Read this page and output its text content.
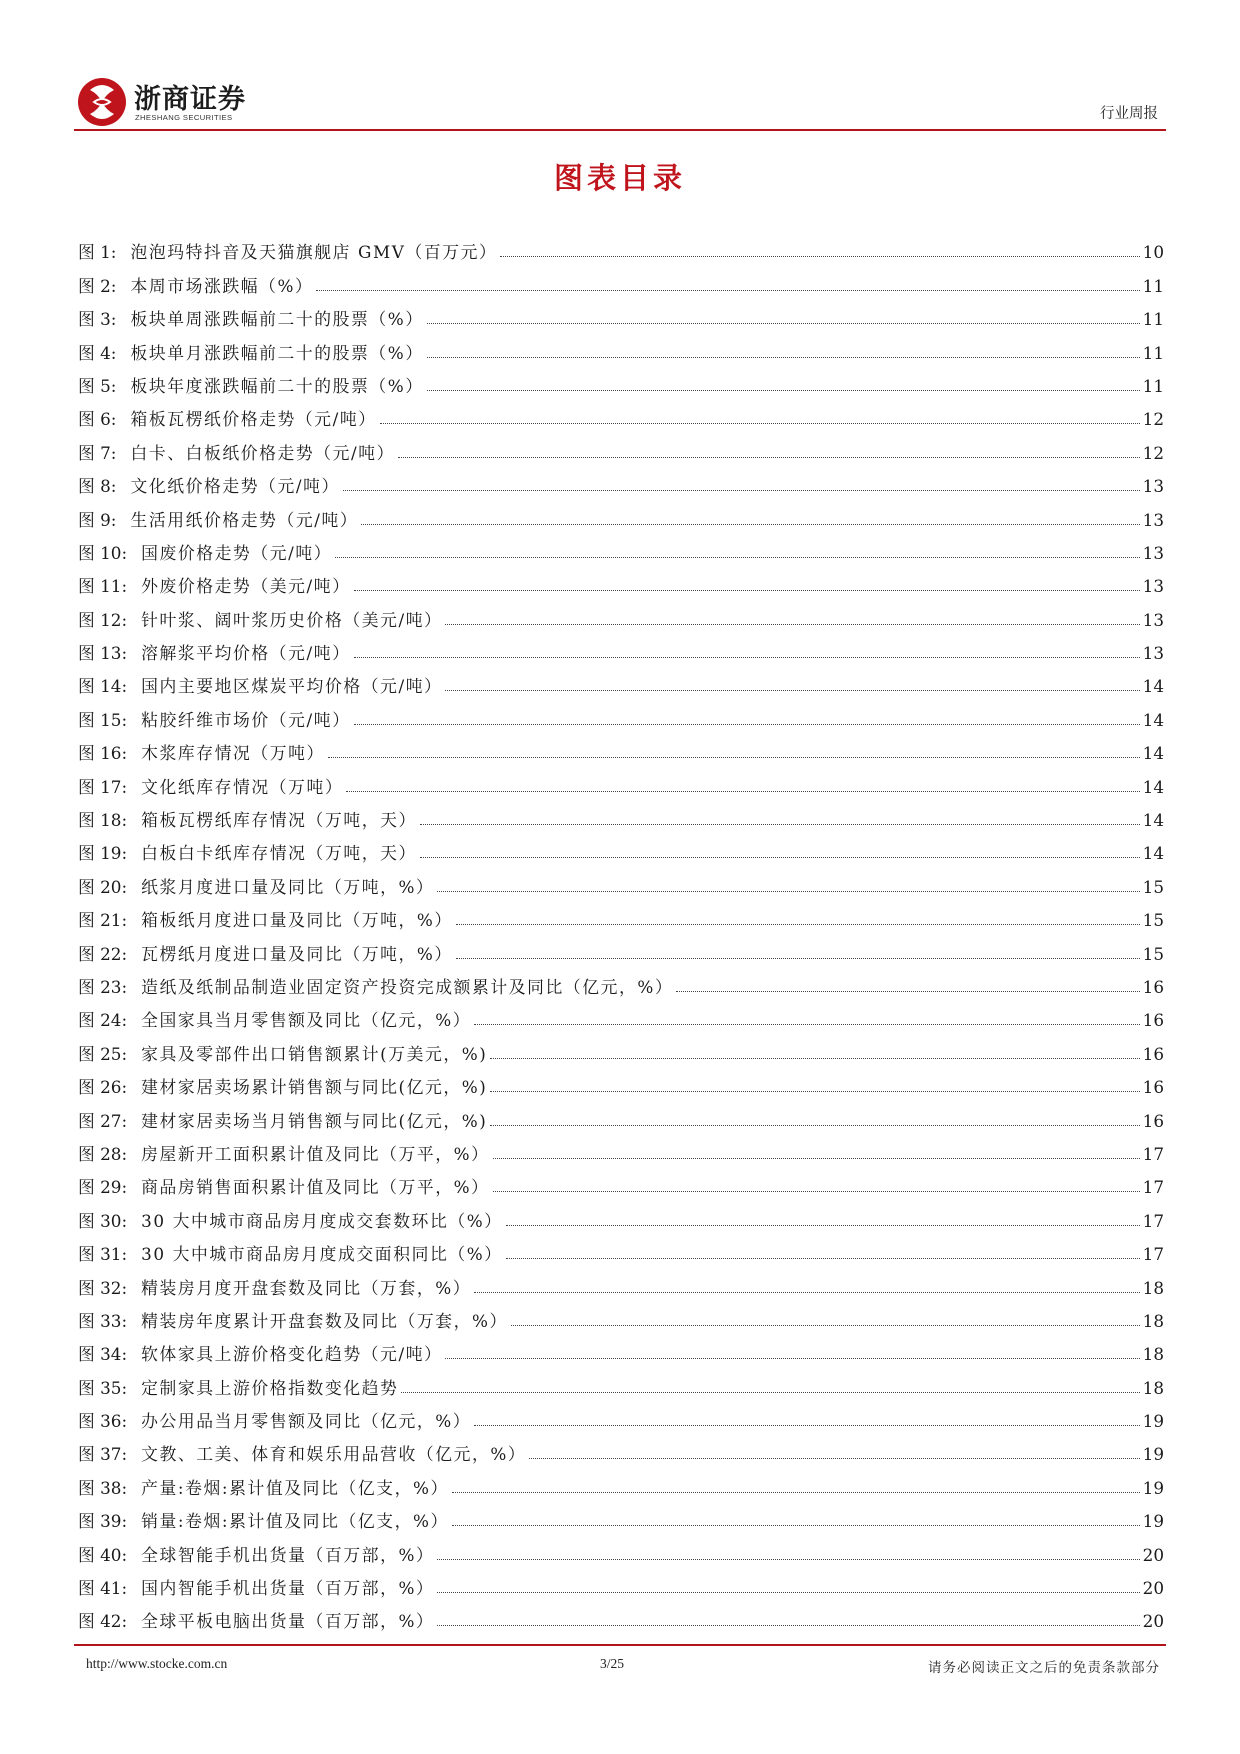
浙商证券
ZHESHANG SECURITIES	行业周报
图表目录
图 1: 泡泡玛特抖音及天猫旗舰店 GMV（百万元）	10
图 2: 本周市场涨跌幅（%）	11
图 3: 板块单周涨跌幅前二十的股票（%）	11
图 4: 板块单月涨跌幅前二十的股票（%）	11
图 5: 板块年度涨跌幅前二十的股票（%）	11
图 6: 箱板瓦楞纸价格走势（元/吨）	12
图 7: 白卡、白板纸价格走势（元/吨）	12
图 8: 文化纸价格走势（元/吨）	13
图 9: 生活用纸价格走势（元/吨）	13
图 10: 国废价格走势（元/吨）	13
图 11: 外废价格走势（美元/吨）	13
图 12: 针叶浆、阔叶浆历史价格（美元/吨）	13
图 13: 溶解浆平均价格（元/吨）	13
图 14: 国内主要地区煤炭平均价格（元/吨）	14
图 15: 粘胶纤维市场价（元/吨）	14
图 16: 木浆库存情况（万吨）	14
图 17: 文化纸库存情况（万吨）	14
图 18: 箱板瓦楞纸库存情况（万吨，天）	14
图 19: 白板白卡纸库存情况（万吨，天）	14
图 20: 纸浆月度进口量及同比（万吨，%）	15
图 21: 箱板纸月度进口量及同比（万吨，%）	15
图 22: 瓦楞纸月度进口量及同比（万吨，%）	15
图 23: 造纸及纸制品制造业固定资产投资完成额累计及同比（亿元，%）	16
图 24: 全国家具当月零售额及同比（亿元，%）	16
图 25: 家具及零部件出口销售额累计(万美元，%)	16
图 26: 建材家居卖场累计销售额与同比(亿元，%)	16
图 27: 建材家居卖场当月销售额与同比(亿元，%)	16
图 28: 房屋新开工面积累计值及同比（万平，%）	17
图 29: 商品房销售面积累计值及同比（万平，%）	17
图 30: 30 大中城市商品房月度成交套数环比（%）	17
图 31: 30 大中城市商品房月度成交面积同比（%）	17
图 32: 精装房月度开盘套数及同比（万套，%）	18
图 33: 精装房年度累计开盘套数及同比（万套，%）	18
图 34: 软体家具上游价格变化趋势（元/吨）	18
图 35: 定制家具上游价格指数变化趋势	18
图 36: 办公用品当月零售额及同比（亿元，%）	19
图 37: 文教、工美、体育和娱乐用品营收（亿元，%）	19
图 38: 产量:卷烟:累计值及同比（亿支，%）	19
图 39: 销量:卷烟:累计值及同比（亿支，%）	19
图 40: 全球智能手机出货量（百万部，%）	20
图 41: 国内智能手机出货量（百万部，%）	20
图 42: 全球平板电脑出货量（百万部，%）	20
http://www.stocke.com.cn	3/25	请务必阅读正文之后的免责条款部分
